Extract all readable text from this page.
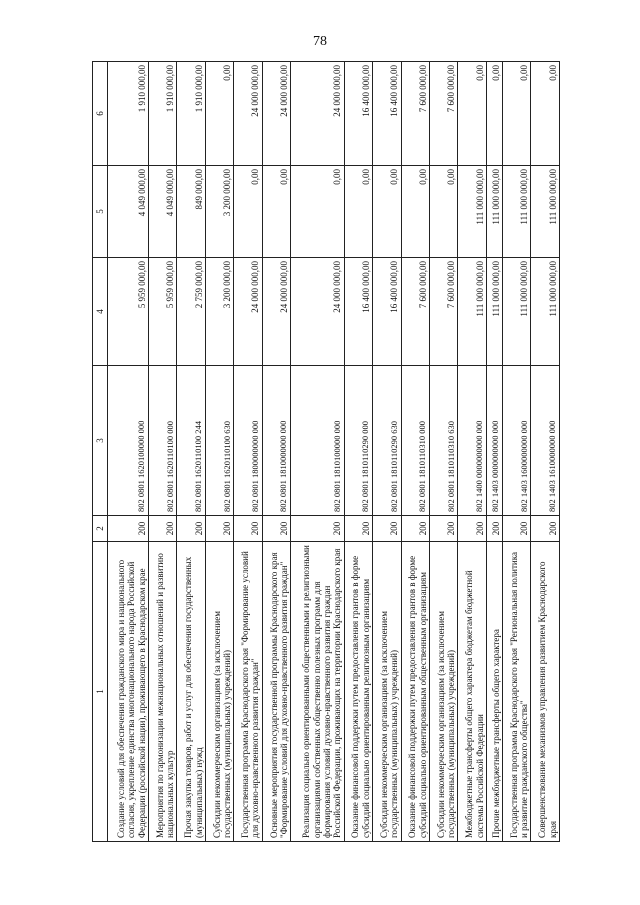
78
1	2	3	4	5	6
Создание условий для обеспечения гражданского мира и национального согласия, укрепление единства многонационального народа Российской Федерации (российской нации), проживающего в Краснодарском крае	200	802 0801 1620100000 000	5 959 000,00	4 049 000,00	1 910 000,00
Мероприятия по гармонизации межнациональных отношений и развитию национальных культур	200	802 0801 1620110100 000	5 959 000,00	4 049 000,00	1 910 000,00
Прочая закупка товаров, работ и услуг для обеспечения государственных (муниципальных) нужд	200	802 0801 1620110100 244	2 759 000,00	849 000,00	1 910 000,00
Субсидии некоммерческим организациям (за исключением государственных (муниципальных) учреждений)	200	802 0801 1620110100 630	3 200 000,00	3 200 000,00	0,00
Государственная программа Краснодарского края "Формирование условий для духовно-нравственного развития граждан"	200	802 0801 1800000000 000	24 000 000,00	0,00	24 000 000,00
Основные мероприятия государственной программы Краснодарского края "Формирование условий для духовно-нравственного развития граждан"	200	802 0801 1810000000 000	24 000 000,00	0,00	24 000 000,00
Реализация социально ориентированными общественными и религиозными организациями собственных общественно полезных программ для формирования условий духовно-нравственного развития граждан Российской Федерации, проживающих на территории Краснодарского края	200	802 0801 1810100000 000	24 000 000,00	0,00	24 000 000,00
Оказание финансовой поддержки путем предоставления грантов в форме субсидий социально ориентированным религиозным организациям	200	802 0801 1810110290 000	16 400 000,00	0,00	16 400 000,00
Субсидии некоммерческим организациям (за исключением государственных (муниципальных) учреждений)	200	802 0801 1810110290 630	16 400 000,00	0,00	16 400 000,00
Оказание финансовой поддержки путем предоставления грантов в форме субсидий социально ориентированным общественным организациям	200	802 0801 1810110310 000	7 600 000,00	0,00	7 600 000,00
Субсидии некоммерческим организациям (за исключением государственных (муниципальных) учреждений)	200	802 0801 1810110310 630	7 600 000,00	0,00	7 600 000,00
Межбюджетные трансферты общего характера бюджетам бюджетной системы Российской Федерации	200	802 1400 0000000000 000	111 000 000,00	111 000 000,00	0,00
Прочие межбюджетные трансферты общего характера	200	802 1403 0000000000 000	111 000 000,00	111 000 000,00	0,00
Государственная программа Краснодарского края "Региональная политика и развитие гражданского общества"	200	802 1403 1600000000 000	111 000 000,00	111 000 000,00	0,00
Совершенствование механизмов управления развитием Краснодарского края	200	802 1403 1610000000 000	111 000 000,00	111 000 000,00	0,00
